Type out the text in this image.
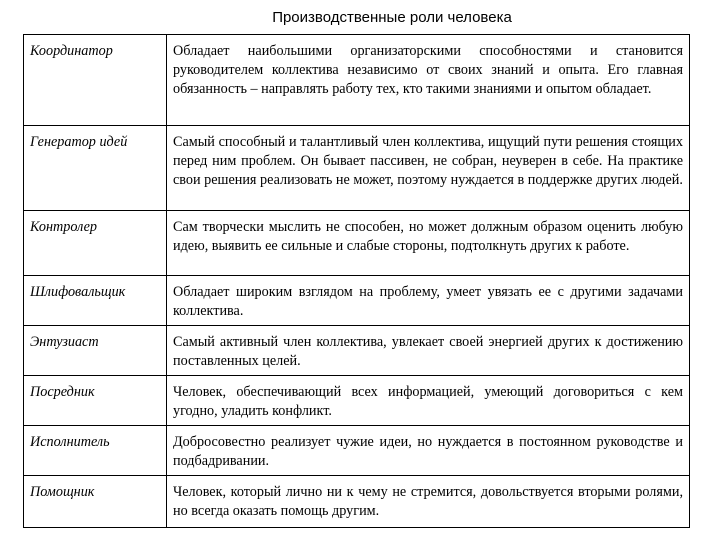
Производственные роли человека
Координатор	Обладает наибольшими организаторскими способностями и становится руководителем коллектива независимо от своих знаний и опыта. Его главная обязанность – направлять работу тех, кто такими знаниями и опытом обладает.
Генератор идей	Самый способный и талантливый член коллектива, ищущий пути решения стоящих перед ним проблем. Он бывает пассивен, не собран, неуверен в себе. На практике свои решения реализовать не может, поэтому нуждается в поддержке других людей.
Контролер	Сам творчески мыслить не способен, но может должным образом оценить любую идею, выявить ее сильные и слабые стороны, подтолкнуть других к работе.
Шлифовальщик	Обладает широким взглядом на проблему, умеет увязать ее с другими задачами коллектива.
Энтузиаст	Самый активный член коллектива, увлекает своей энергией других к достижению поставленных целей.
Посредник	Человек, обеспечивающий всех информацией, умеющий договориться с кем угодно, уладить конфликт.
Исполнитель	Добросовестно реализует чужие идеи, но нуждается в постоянном руководстве и подбадривании.
Помощник	Человек, который лично ни к чему не стремится, довольствуется вторыми ролями, но всегда оказать помощь другим.
